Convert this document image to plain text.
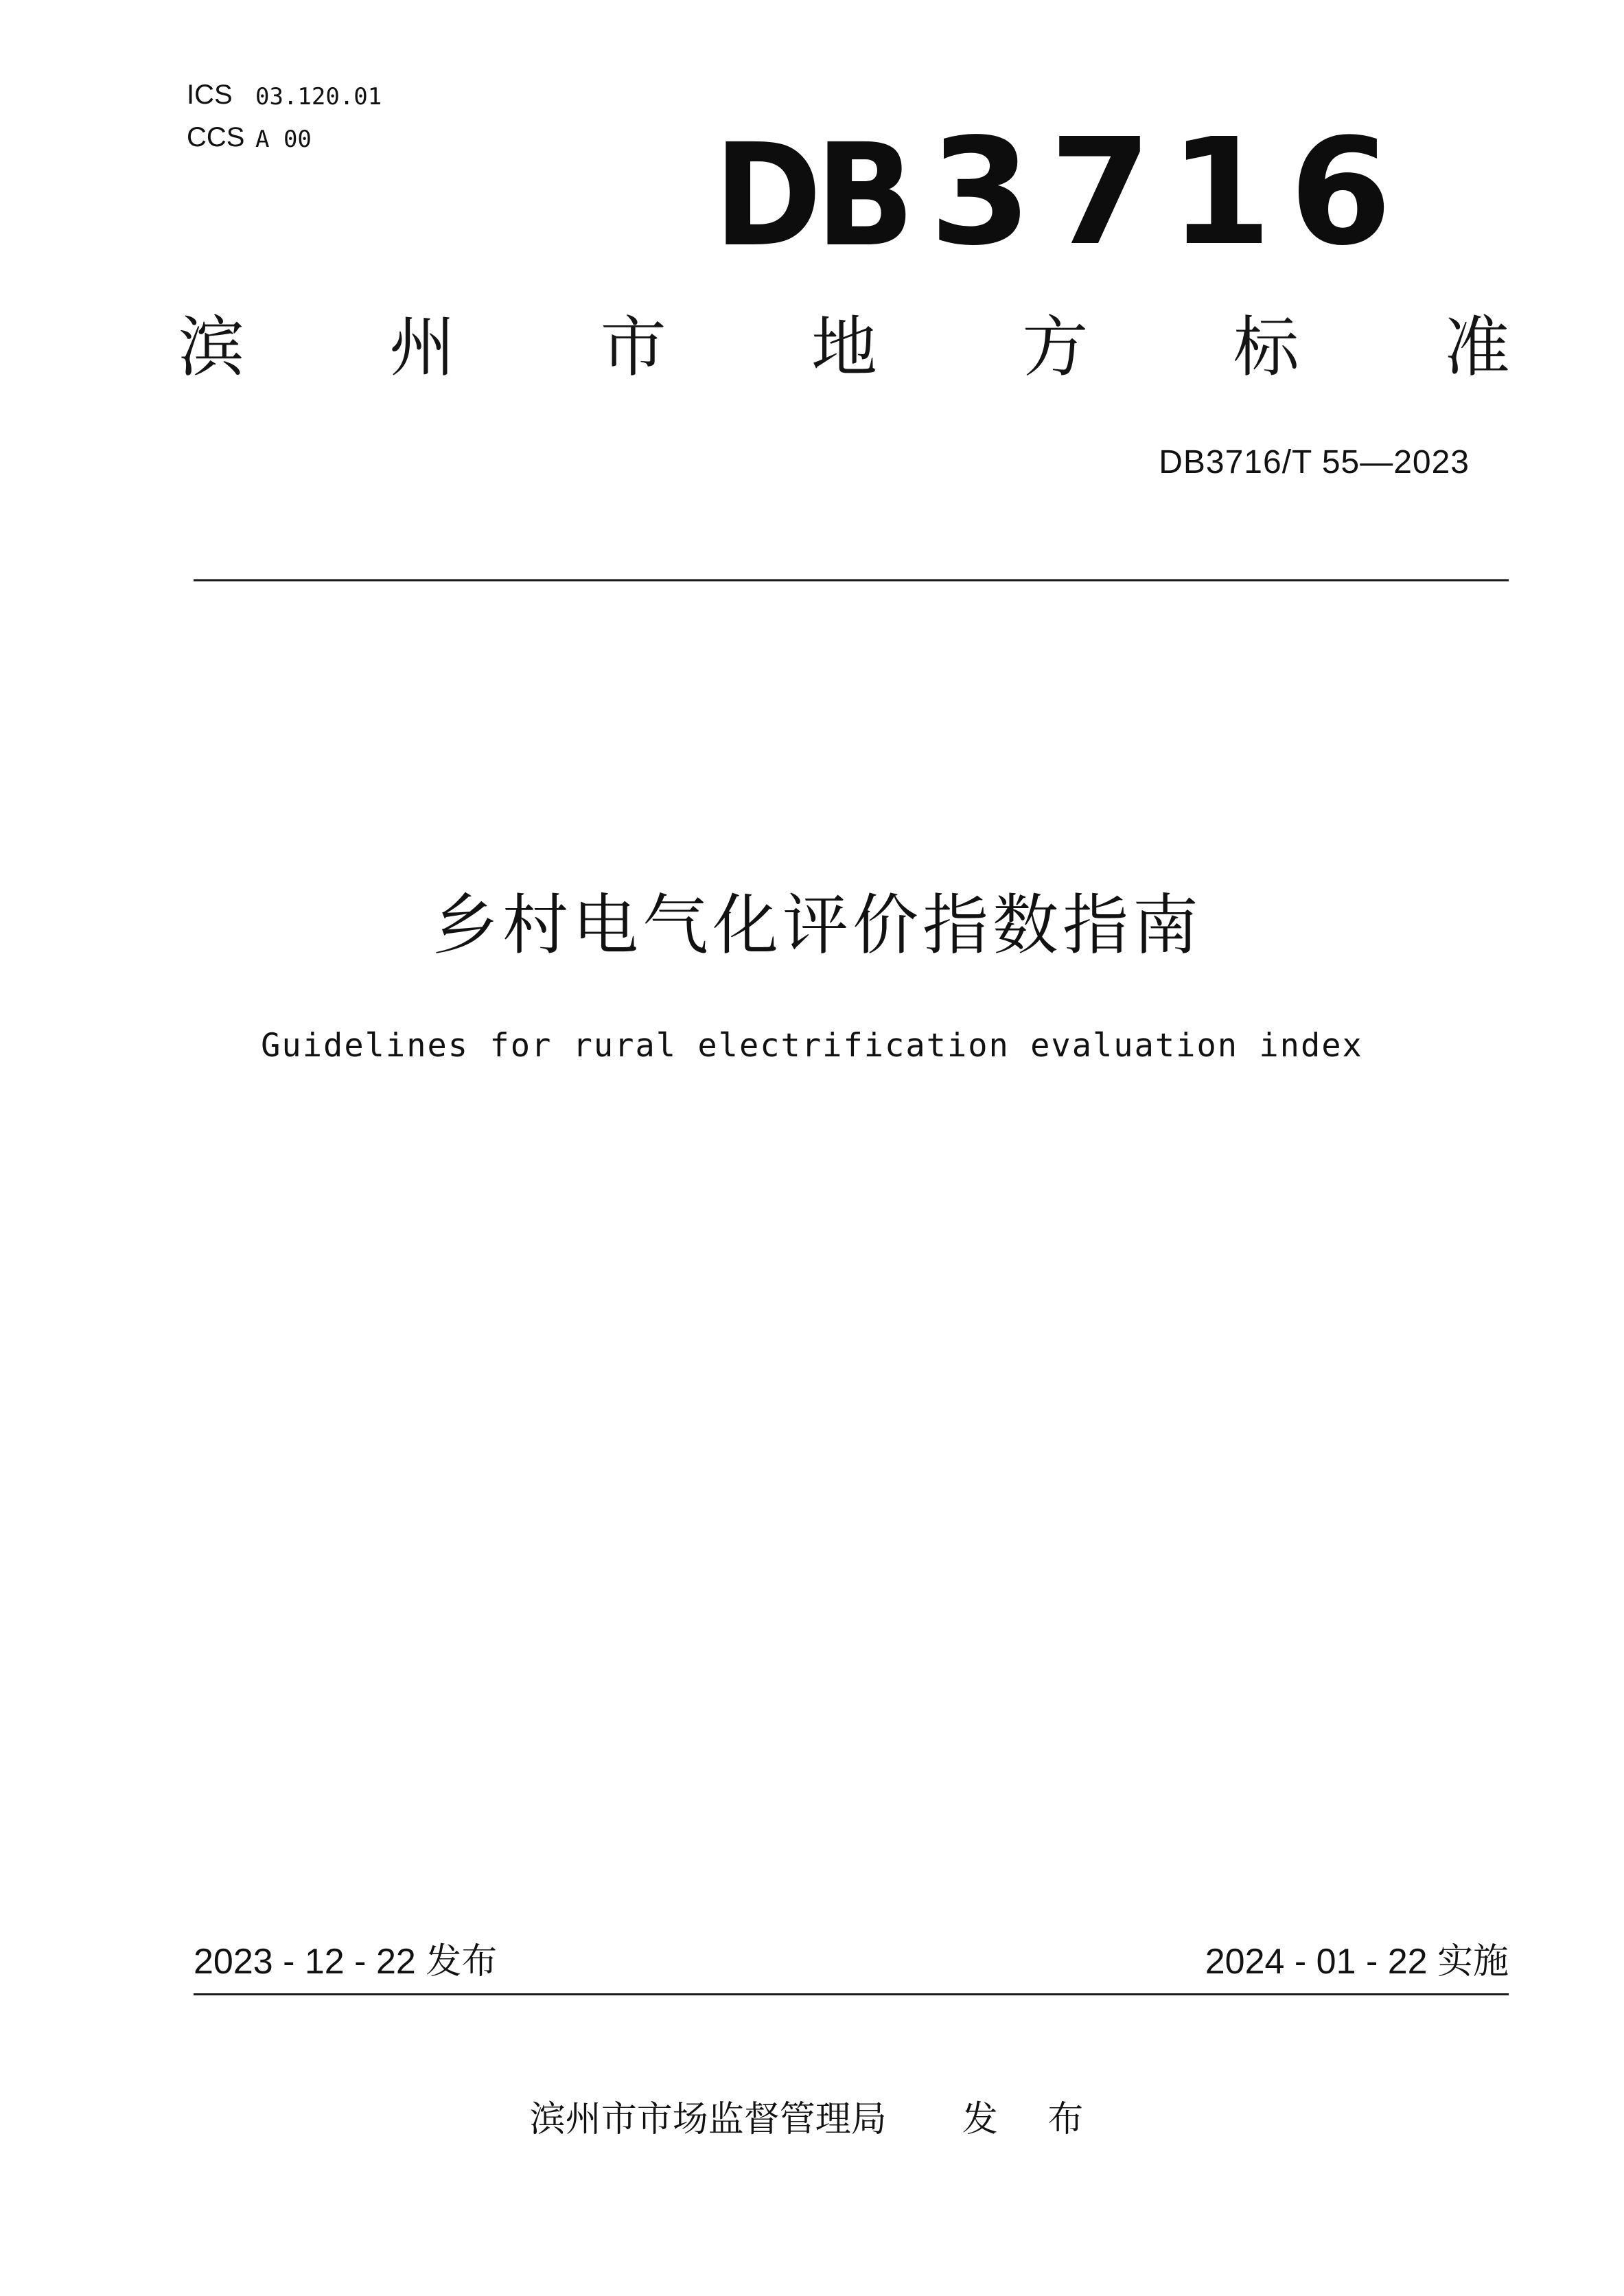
ICS 03.120.01
CCS A 00	DB 3716
滨 州 市 地 方 标 准
DB3716/T 55—2023
乡村电气化评价指数指南
Guidelines for rural electrification evaluation index
2023 - 12 - 22 发布	2024 - 01 - 22 实施
滨州市市场监督管理局 发 布
